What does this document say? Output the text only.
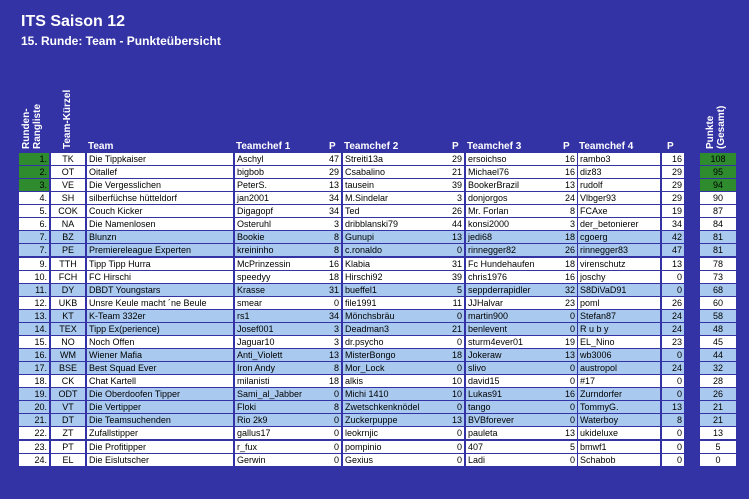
ITS Saison 12
15. Runde: Team - Punkteübersicht
Runden-
Rangliste Team-Kürzel Team	Teamchef 1	P Teamchef 2	P Teamchef 3	P Teamchef 4	P	Punkte
(Gesamt)
1.	TK	Die Tippkaiser	Aschyl	47 Streiti13a	29 ersoichso	16 rambo3	16	108
2.	OT	Oitallef	bigbob	29 Csabalino	21 Michael76	16 diz83	29	95
3.	VE	Die Vergesslichen	PeterS.	13 tausein	39 BookerBrazil	13 rudolf	29	94
4.	SH	silberfüchse hütteldorf	jan2001	34 M.Sindelar	3 donjorgos	24 Vlbger93	29	90
5.	COK	Couch Kicker	Digagopf	34 Ted	26 Mr. Forlan	8 FCAxe	19	87
6.	NA	Die Namenlosen	Osteruhl	3 dribblanski79	44 konsi2000	3 der_betonierer	34	84
7.	BZ	Blunzn	Bookie	8 Gunupi	13 jedi68	18 cgoerg	42	81
7.	PE	Premiereleague Experten	kreininho	8 c.ronaldo	0 rinnegger82	26 rinnegger83	47	81
9.	TTH	Tipp Tipp Hurra	McPrinzessin	16 Klabia	31 Fc Hundehaufen	18 virenschutz	13	78
10.	FCH	FC Hirschi	speedyy	18 Hirschi92	39 chris1976	16 joschy	0	73
11.	DY	DBDT Youngstars	Krasse	31 bueffel1	5 seppderrapidler	32 S8DiVaD91	0	68
12.	UKB	Unsre Keule macht ´ne Beule	smear	0 file1991	11 JJHalvar	23 poml	26	60
13.	KT	K-Team 332er	rs1	34 Mönchsbräu	0 martin900	0 Stefan87	24	58
14.	TEX	Tipp Ex(perience)	Josef001	3 Deadman3	21 benlevent	0 R u b y	24	48
15.	NO	Noch Offen	Jaguar10	3 dr.psycho	0 sturm4ever01	19 EL_Nino	23	45
16.	WM	Wiener Mafia	Anti_Violett	13 MisterBongo	18 Jokeraw	13 wb3006	0	44
17.	BSE	Best Squad Ever	Iron Andy	8 Mor_Lock	0 slivo	0 austropol	24	32
18.	CK	Chat Kartell	milanisti	18 alkis	10 david15	0 #17	0	28
19.	ODT	Die Oberdoofen Tipper	Sami_al_Jabber	0 Michi 1410	10 Lukas91	16 Zurndorfer	0	26
20.	VT	Die Vertipper	Floki	8 Zwetschkenknödel	0 tango	0 TommyG.	13	21
21.	DT	Die Teamsuchenden	Rio 2k9	0 Zuckerpuppe	13 BVBforever	0 Waterboy	8	21
22.	ZT	Zufallstipper	gallus17	0 leokrnjic	0 pauleta	13 ukideluxe	0	13
23.	PT	Die Profitipper	r_fux	0 pompinio	0 407	5 bmwf1	0	5
24.	EL	Die Eislutscher	Gerwin	0 Gexius	0 Ladi	0 Schabob	0	0
